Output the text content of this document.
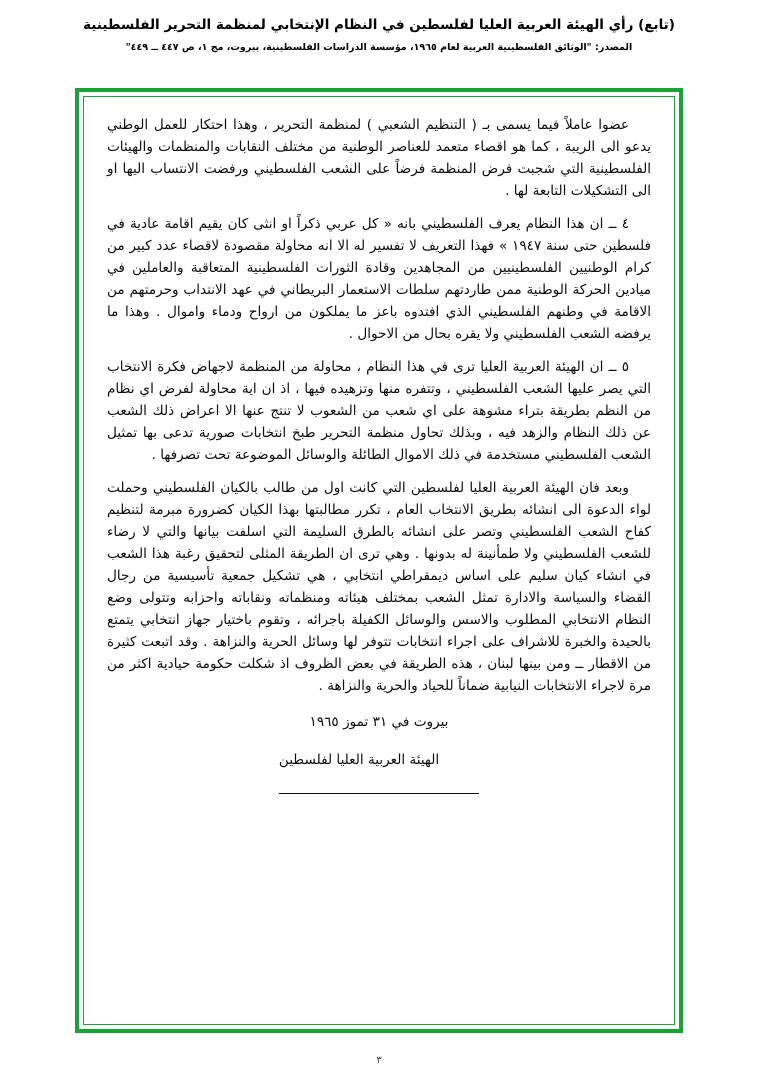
(تابع) رأي الهيئة العربية العليا لفلسطين في النظام الإنتخابي لمنظمة التحرير الفلسطينية
المصدر: "الوثائق الفلسطينية العربية لعام ١٩٦٥، مؤسسة الدراسات الفلسطينية، بيروت، مج ١، ص ٤٤٧ ــ ٤٤٩"

عضوا عاملاً فيما يسمى بـ ( التنظيم الشعبي ) لمنظمة التحرير ، وهذا احتكار للعمل الوطني يدعو الى الريبة ، كما هو اقصاء متعمد للعناصر الوطنية من مختلف النقابات والمنظمات والهيئات الفلسطينية التي شجبت فرض المنظمة فرضاً على الشعب الفلسطيني ورفضت الانتساب اليها او الى التشكيلات التابعة لها .

٤ ــ ان هذا النظام يعرف الفلسطيني بانه « كل عربي ذكراً او انثى كان يقيم اقامة عادية في فلسطين حتى سنة ١٩٤٧ » فهذا التعريف لا تفسير له الا انه محاولة مقصودة لاقصاء عدد كبير من كرام الوطنيين الفلسطينيين من المجاهدين وقادة الثورات الفلسطينية المتعاقبة والعاملين في ميادين الحركة الوطنية ممن طاردتهم سلطات الاستعمار البريطاني في عهد الانتداب وحرمتهم من الاقامة في وطنهم الفلسطيني الذي افتدوه باعز ما يملكون من ارواح ودماء واموال . وهذا ما يرفضه الشعب الفلسطيني ولا يقره بحال من الاحوال .

٥ ــ ان الهيئة العربية العليا ترى في هذا النظام ، محاولة من المنظمة لاجهاض فكرة الانتخاب التي يصر عليها الشعب الفلسطيني ، وتتفره منها وتزهيده فيها ، اذ ان اية محاولة لفرض اي نظام من النظم بطريقة بتراء مشوهة على اي شعب من الشعوب لا تنتج عنها الا اعراض ذلك الشعب عن ذلك النظام والزهد فيه ، وبذلك تحاول منظمة التحرير طبخ انتخابات صورية تدعى بها تمثيل الشعب الفلسطيني مستخدمة في ذلك الاموال الطائلة والوسائل الموضوعة تحت تصرفها .

وبعد فان الهيئة العربية العليا لفلسطين التي كانت اول من طالب بالكيان الفلسطيني وحملت لواء الدعوة الى انشائه بطريق الانتخاب العام ، تكرر مطالبتها بهذا الكيان كضرورة مبرمة لتنظيم كفاح الشعب الفلسطيني وتصر على انشائه بالطرق السليمة التي اسلفت بيانها والتي لا رضاء للشعب الفلسطيني ولا طمأنينة له بدونها . وهي ترى ان الطريقة المثلى لتحقيق رغبة هذا الشعب في انشاء كيان سليم على اساس ديمقراطي انتخابي ، هي تشكيل جمعية تأسيسية من رجال القضاء والسياسة والادارة تمثل الشعب بمختلف هيئاته ومنظماته ونقاباته واحزابه وتتولى وضع النظام الانتخابي المطلوب والاسس والوسائل الكفيلة باجرائه ، وتقوم باختيار جهاز انتخابي يتمتع بالحيدة والخبرة للاشراف على اجراء انتخابات تتوفر لها وسائل الحرية والنزاهة . وقد اتبعت كثيرة من الاقطار ــ ومن بينها لبنان ، هذه الطريقة في بعض الظروف اذ شكلت حكومة حيادية اكثر من مرة لاجراء الانتخابات النيابية ضماناً للحياد والحرية والنزاهة .

بيروت في ٣١ تموز ١٩٦٥
الهيئة العربية العليا لفلسطين
٣
